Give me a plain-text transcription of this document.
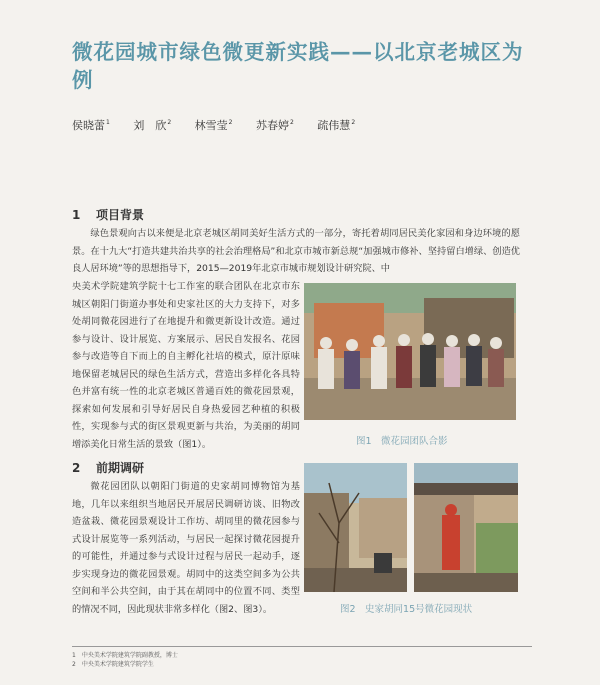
微花园城市绿色微更新实践——以北京老城区为例
侯晓蕾$^1$ 刘　欣$^2$ 林雪莹$^2$ 苏春婷$^2$ 疏伟慧$^2$
1 项目背景

绿色景观向古以来便是北京老城区胡同美好生活方式的一部分，寄托着胡同居民美化家园和身边环境的愿景。在十九大“打造共建共治共享的社会治理格局”和北京市城市新总规“加强城市修补、坚持留白增绿、创造优良人居环境”等的思想指导下，2015—2019年北京市城市规划设计研究院、中

央美术学院建筑学院十七工作室的联合团队在北京市东城区朝阳门街道办事处和史家社区的大力支持下，对多处胡同微花园进行了在地提升和微更新设计改造。通过参与设计、设计展览、方案展示、居民自发报名、花园参与改造等自下而上的自主孵化社培的模式，原汁原味地保留老城居民的绿色生活方式，营造出多样化各具特色并富有统一性的北京老城区普通百姓的微花园景观，探索如何发展和引导好居民自身热爱园艺种植的积极性，实现参与式的街区景观更新与共治，为美丽的胡同增添美化日常生活的景致（图1）。	图1　微花园团队合影
2 前期调研

微花园团队以朝阳门街道的史家胡同博物馆为基地，几年以来组织当地居民开展居民调研访谈、旧物改造盆栽、微花园景观设计工作坊、胡同里的微花园参与式设计展览等一系列活动，与居民一起探讨微花园提升的可能性，并通过参与式设计过程与居民一起动手，逐步实现身边的微花园景观。胡同中的这类空间多为公共空间和半公共空间，由于其在胡同中的位置不同、类型的情况不同，因此现状非常多样化（图2、图3）。	图2　史家胡同15号微花园现状
1　中央美术学院建筑学院副教授，博士
2　中央美术学院建筑学院学生
